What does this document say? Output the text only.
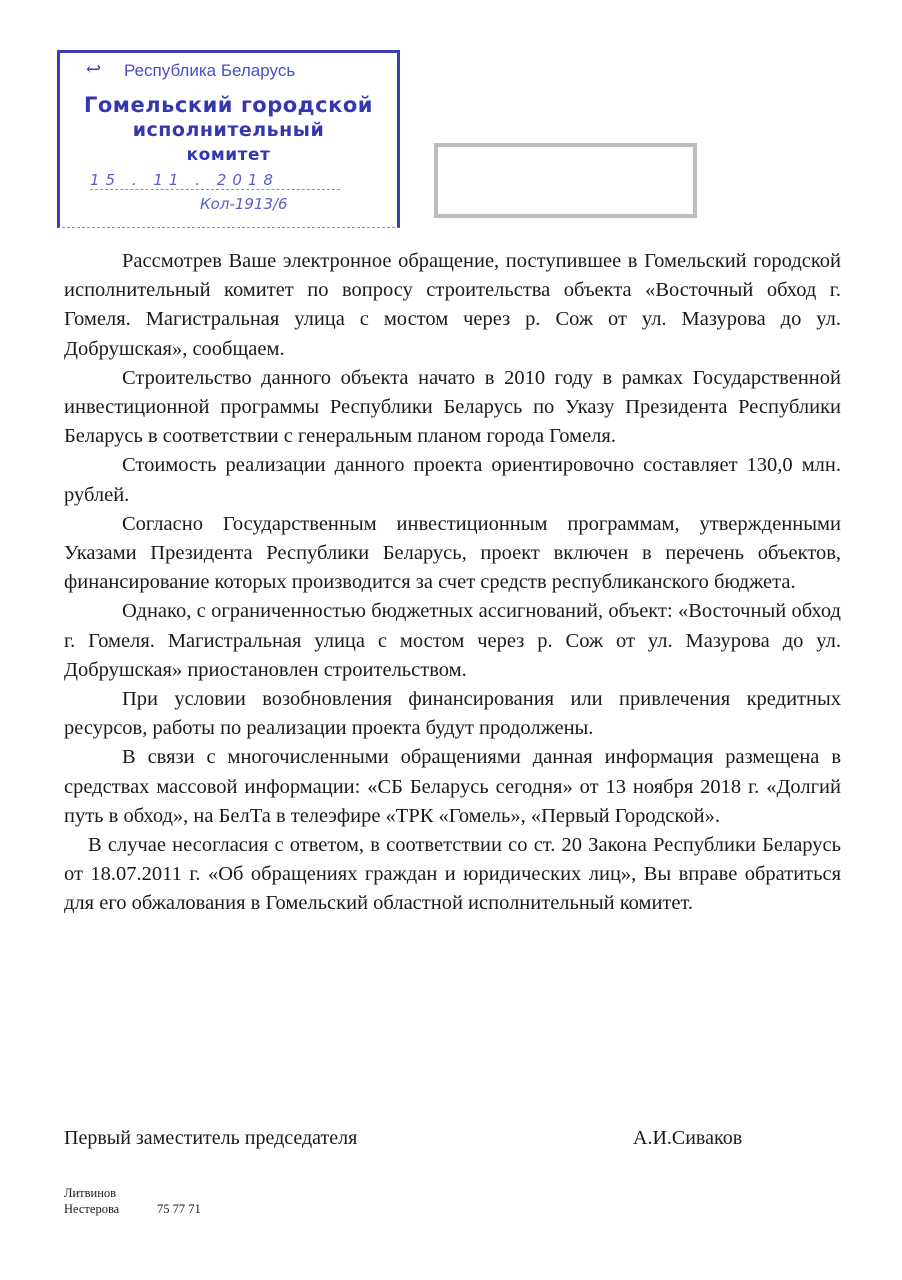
↩ Республика Беларусь
Гомельский городской
исполнительный
комитет
15 . 11 . 2018
Кол-1913/6

Рассмотрев Ваше электронное обращение, поступившее в Гомельский городской исполнительный комитет по вопросу строительства объекта «Восточный обход г. Гомеля. Магистральная улица с мостом через р. Сож от ул. Мазурова до ул. Добрушская», сообщаем.

Строительство данного объекта начато в 2010 году в рамках Государственной инвестиционной программы Республики Беларусь по Указу Президента Республики Беларусь в соответствии с генеральным планом города Гомеля.

Стоимость реализации данного проекта ориентировочно составляет 130,0 млн. рублей.

Согласно Государственным инвестиционным программам, утвержденными Указами Президента Республики Беларусь, проект включен в перечень объектов, финансирование которых производится за счет средств республиканского бюджета.

Однако, с ограниченностью бюджетных ассигнований, объект: «Восточный обход г. Гомеля. Магистральная улица с мостом через р. Сож от ул. Мазурова до ул. Добрушская» приостановлен строительством.

При условии возобновления финансирования или привлечения кредитных ресурсов, работы по реализации проекта будут продолжены.

В связи с многочисленными обращениями данная информация размещена в средствах массовой информации: «СБ Беларусь сегодня» от 13 ноября 2018 г. «Долгий путь в обход», на БелТа в телеэфире «ТРК «Гомель», «Первый Городской».

В случае несогласия с ответом, в соответствии со ст. 20 Закона Республики Беларусь от 18.07.2011 г. «Об обращениях граждан и юридических лиц», Вы вправе обратиться для его обжалования в Гомельский областной исполнительный комитет.

Первый заместитель председателя	А.И.Сиваков
Литвинов
Нестерова	75 77 71
